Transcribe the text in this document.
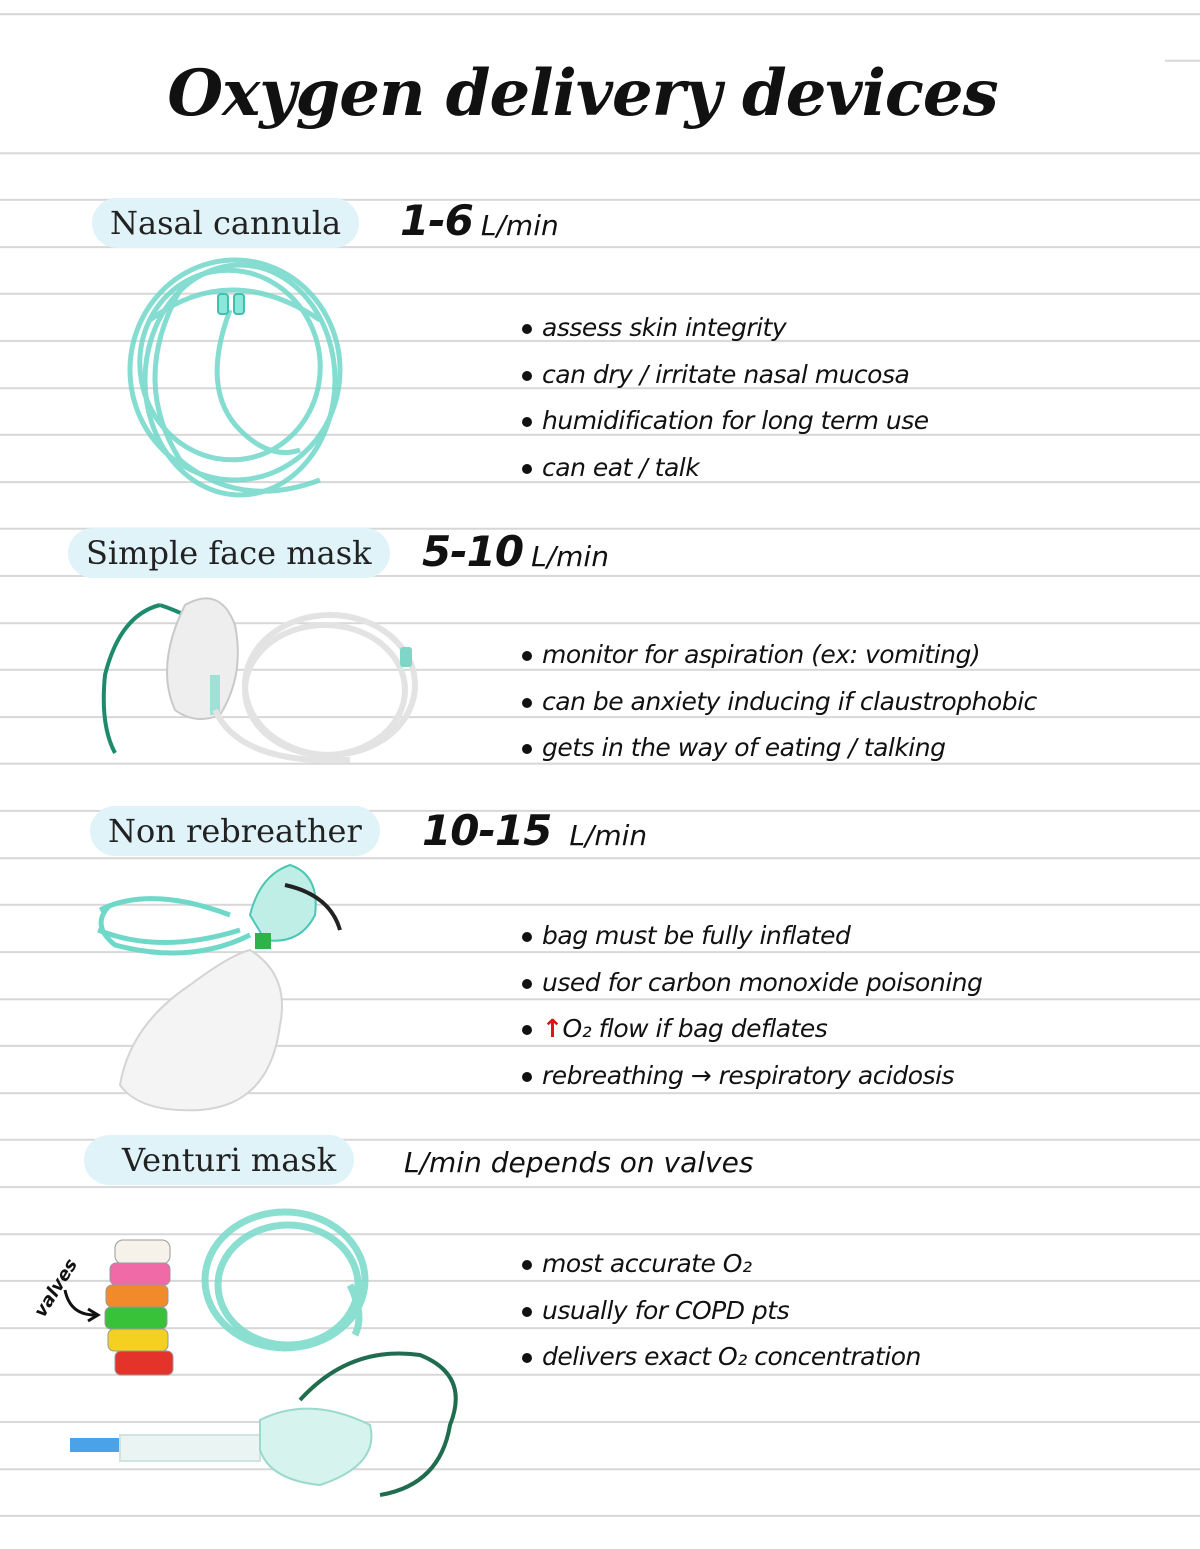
Oxygen delivery devices
Nasal cannula	1-6 L/min
assess skin integrity
can dry / irritate nasal mucosa
humidification for long term use
can eat / talk
Simple face mask	5-10 L/min
monitor for aspiration (ex: vomiting)
can be anxiety inducing if claustrophobic
gets in the way of eating / talking
Non rebreather	10-15 L/min
bag must be fully inflated
used for carbon monoxide poisoning
↑O₂ flow if bag deflates
rebreathing → respiratory acidosis
Venturi mask	L/min depends on valves
valves	most accurate O₂
usually for COPD pts
delivers exact O₂ concentration
